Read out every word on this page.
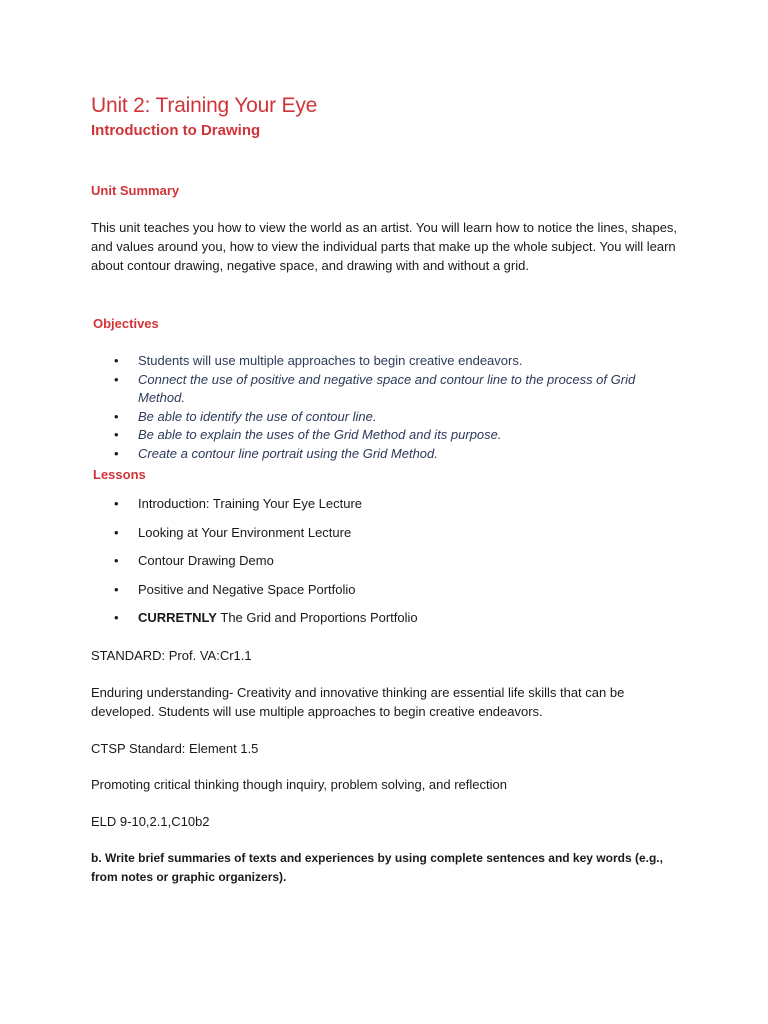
Unit 2: Training Your Eye
Introduction to Drawing
Unit Summary
This unit teaches you how to view the world as an artist. You will learn how to notice the lines, shapes, and values around you, how to view the individual parts that make up the whole subject. You will learn about contour drawing, negative space, and drawing with and without a grid.
Objectives
• Students will use multiple approaches to begin creative endeavors.
• Connect the use of positive and negative space and contour line to the process of Grid Method.
• Be able to identify the use of contour line.
• Be able to explain the uses of the Grid Method and its purpose.
• Create a contour line portrait using the Grid Method.
Lessons
• Introduction: Training Your Eye Lecture
• Looking at Your Environment Lecture
• Contour Drawing Demo
• Positive and Negative Space Portfolio
• CURRETNLY The Grid and Proportions Portfolio
STANDARD: Prof. VA:Cr1.1
Enduring understanding- Creativity and innovative thinking are essential life skills that can be developed. Students will use multiple approaches to begin creative endeavors.
CTSP Standard: Element 1.5
Promoting critical thinking though inquiry, problem solving, and reflection
ELD 9-10,2.1,C10b2
b. Write brief summaries of texts and experiences by using complete sentences and key words (e.g., from notes or graphic organizers).
